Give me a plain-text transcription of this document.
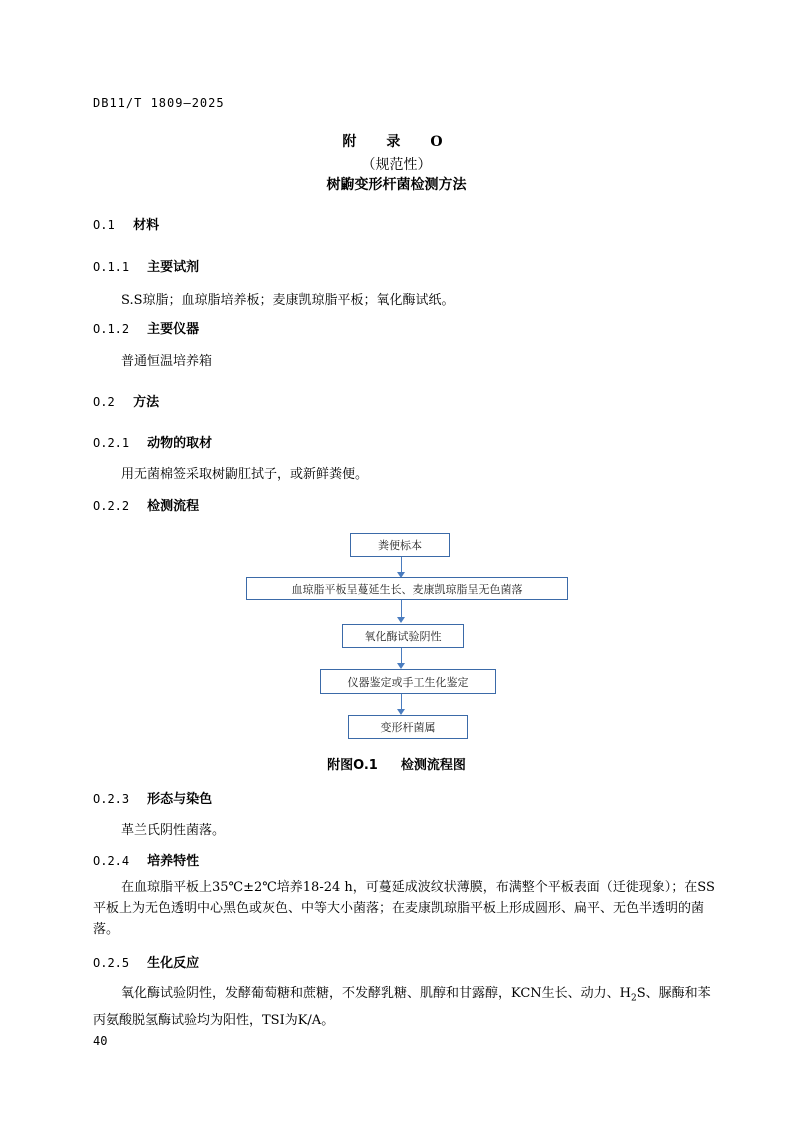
DB11/T 1809—2025
附　录　O
（规范性）
树鼩变形杆菌检测方法
O.1 材料
O.1.1 主要试剂
S.S琼脂；血琼脂培养板；麦康凯琼脂平板；氧化酶试纸。
O.1.2 主要仪器
普通恒温培养箱
O.2 方法
O.2.1 动物的取材
用无菌棉签采取树鼩肛拭子，或新鲜粪便。
O.2.2 检测流程
粪便标本
血琼脂平板呈蔓延生长、麦康凯琼脂呈无色菌落
氧化酶试验阴性
仪器鉴定或手工生化鉴定
变形杆菌属
附图O.1 检测流程图
O.2.3 形态与染色
革兰氏阴性菌落。
O.2.4 培养特性
在血琼脂平板上35℃±2℃培养18-24 h，可蔓延成波纹状薄膜，布满整个平板表面（迁徙现象）；在SS平板上为无色透明中心黑色或灰色、中等大小菌落；在麦康凯琼脂平板上形成圆形、扁平、无色半透明的菌落。
O.2.5 生化反应
氧化酶试验阴性，发酵葡萄糖和蔗糖，不发酵乳糖、肌醇和甘露醇，KCN生长、动力、$H_2S$、脲酶和苯丙氨酸脱氢酶试验均为阳性，TSI为K/A。
40
